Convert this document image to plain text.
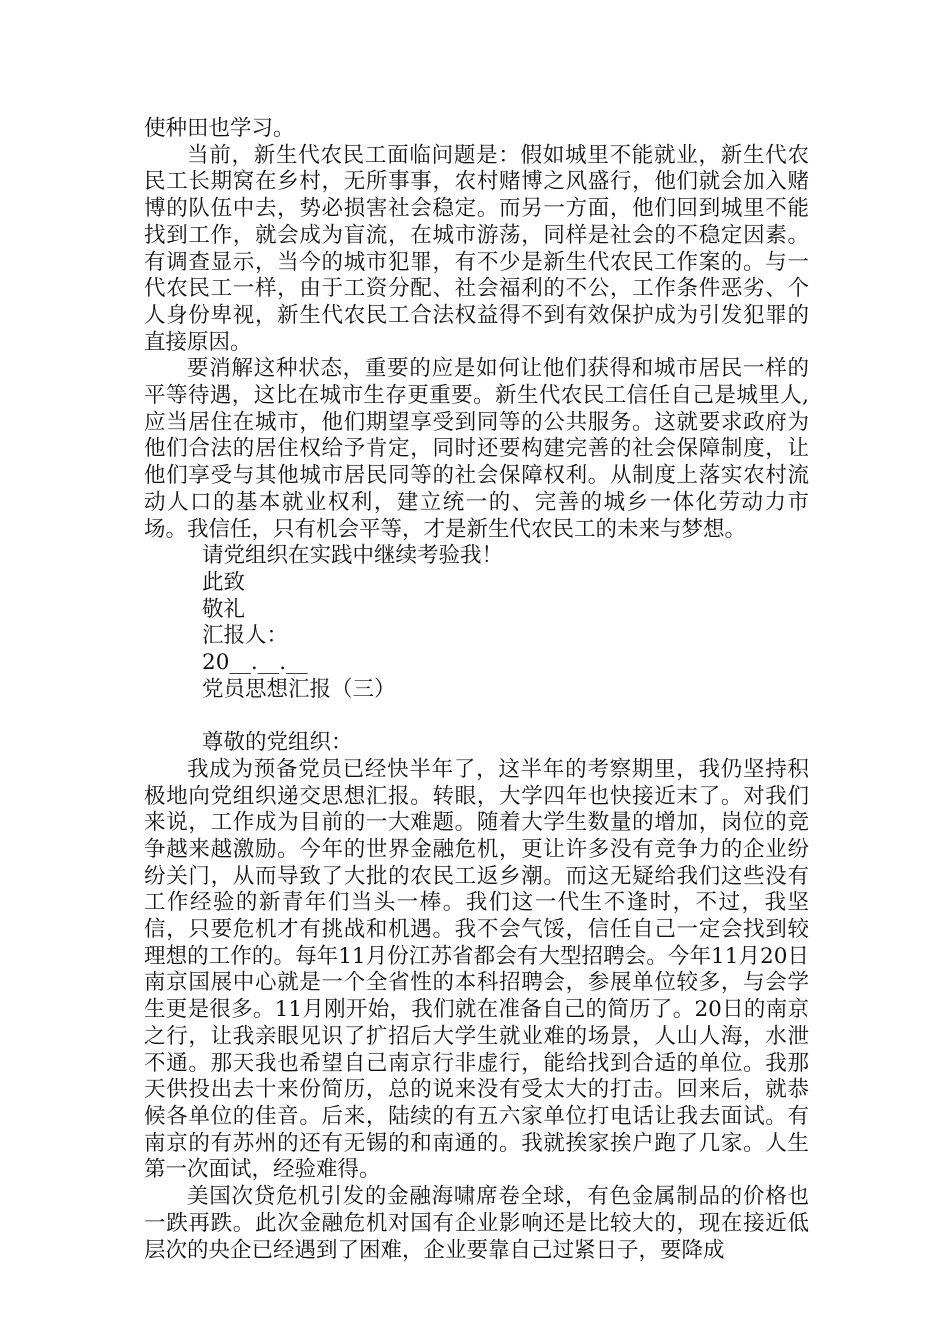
使种田也学习。

当前，新生代农民工面临问题是：假如城里不能就业，新生代农民工长期窝在乡村，无所事事，农村赌博之风盛行，他们就会加入赌博的队伍中去，势必损害社会稳定。而另一方面，他们回到城里不能找到工作，就会成为盲流，在城市游荡，同样是社会的不稳定因素。有调查显示，当今的城市犯罪，有不少是新生代农民工作案的。与一代农民工一样，由于工资分配、社会福利的不公，工作条件恶劣、个人身份卑视，新生代农民工合法权益得不到有效保护成为引发犯罪的直接原因。

要消解这种状态，重要的应是如何让他们获得和城市居民一样的平等待遇，这比在城市生存更重要。新生代农民工信任自己是城里人,应当居住在城市，他们期望享受到同等的公共服务。这就要求政府为他们合法的居住权给予肯定，同时还要构建完善的社会保障制度，让他们享受与其他城市居民同等的社会保障权利。从制度上落实农村流动人口的基本就业权利，建立统一的、完善的城乡一体化劳动力市场。我信任，只有机会平等，才是新生代农民工的未来与梦想。

请党组织在实践中继续考验我！

此致

敬礼

汇报人：

20__.__.__

党员思想汇报（三）

尊敬的党组织：

我成为预备党员已经快半年了，这半年的考察期里，我仍坚持积极地向党组织递交思想汇报。转眼，大学四年也快接近末了。对我们来说，工作成为目前的一大难题。随着大学生数量的增加，岗位的竞争越来越激励。今年的世界金融危机，更让许多没有竞争力的企业纷纷关门，从而导致了大批的农民工返乡潮。而这无疑给我们这些没有工作经验的新青年们当头一棒。我们这一代生不逢时，不过，我坚信，只要危机才有挑战和机遇。我不会气馁，信任自己一定会找到较理想的工作的。每年11月份江苏省都会有大型招聘会。今年11月20日南京国展中心就是一个全省性的本科招聘会，参展单位较多，与会学生更是很多。11月刚开始，我们就在准备自己的简历了。20日的南京之行，让我亲眼见识了扩招后大学生就业难的场景，人山人海，水泄不通。那天我也希望自己南京行非虚行，能给找到合适的单位。我那天供投出去十来份简历，总的说来没有受太大的打击。回来后，就恭候各单位的佳音。后来，陆续的有五六家单位打电话让我去面试。有南京的有苏州的还有无锡的和南通的。我就挨家挨户跑了几家。人生第一次面试，经验难得。

美国次贷危机引发的金融海啸席卷全球，有色金属制品的价格也一跌再跌。此次金融危机对国有企业影响还是比较大的，现在接近低层次的央企已经遇到了困难，企业要靠自己过紧日子，要降成
